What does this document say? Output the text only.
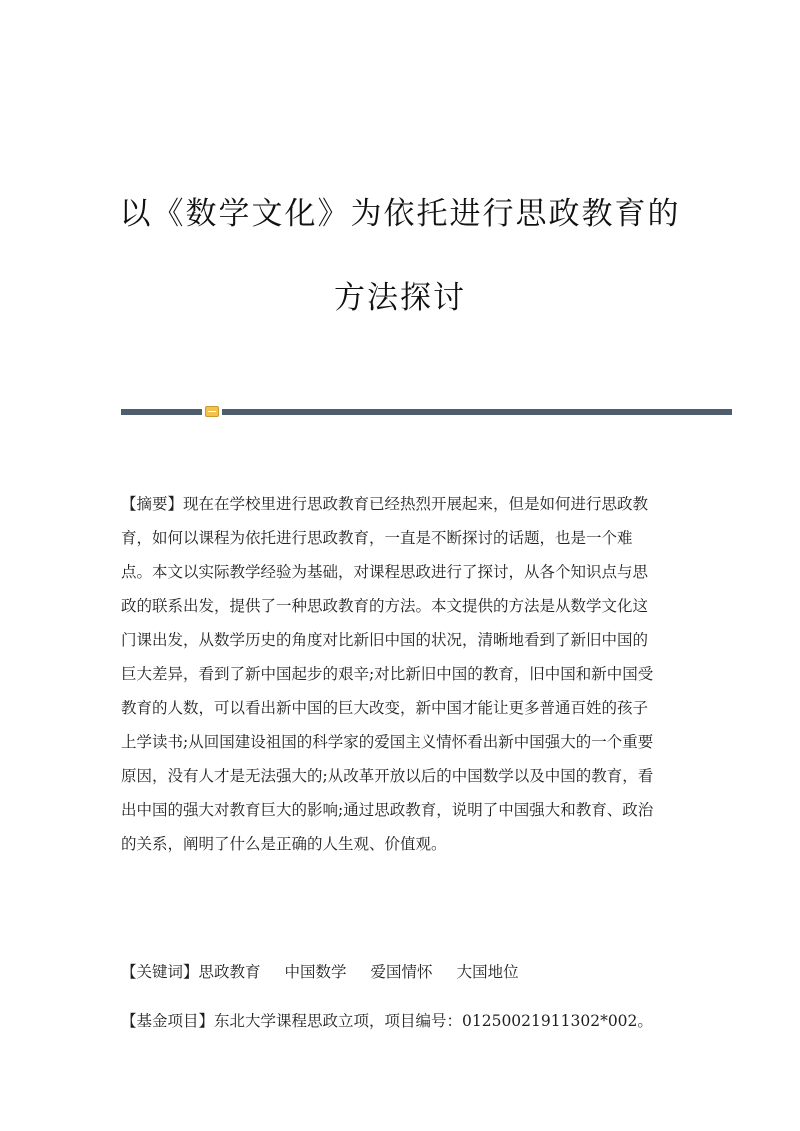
以《数学文化》为依托进行思政教育的
方法探讨
【摘要】现在在学校里进行思政教育已经热烈开展起来，但是如何进行思政教
育，如何以课程为依托进行思政教育，一直是不断探讨的话题，也是一个难
点。本文以实际教学经验为基础，对课程思政进行了探讨，从各个知识点与思
政的联系出发，提供了一种思政教育的方法。本文提供的方法是从数学文化这
门课出发，从数学历史的角度对比新旧中国的状况，清晰地看到了新旧中国的
巨大差异，看到了新中国起步的艰辛;对比新旧中国的教育，旧中国和新中国受
教育的人数，可以看出新中国的巨大改变，新中国才能让更多普通百姓的孩子
上学读书;从回国建设祖国的科学家的爱国主义情怀看出新中国强大的一个重要
原因，没有人才是无法强大的;从改革开放以后的中国数学以及中国的教育，看
出中国的强大对教育巨大的影响;通过思政教育，说明了中国强大和教育、政治
的关系，阐明了什么是正确的人生观、价值观。
【关键词】思政教育 中国数学 爱国情怀 大国地位
【基金项目】东北大学课程思政立项，项目编号：01250021911302*002。
